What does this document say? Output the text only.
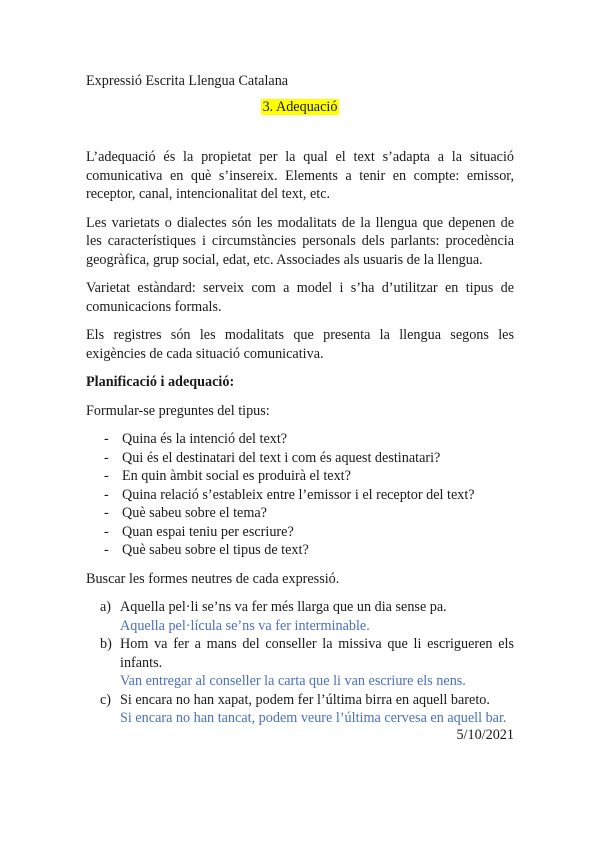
Expressió Escrita Llengua Catalana
3. Adequació

L’adequació és la propietat per la qual el text s’adapta a la situació comunicativa en què s’insereix. Elements a tenir en compte: emissor, receptor, canal, intencionalitat del text, etc.

Les varietats o dialectes són les modalitats de la llengua que depenen de les característiques i circumstàncies personals dels parlants: procedència geogràfica, grup social, edat, etc. Associades als usuaris de la llengua.

Varietat estàndard: serveix com a model i s’ha d’utilitzar en tipus de comunicacions formals.

Els registres són les modalitats que presenta la llengua segons les exigències de cada situació comunicativa.

Planificació i adequació:

Formular-se preguntes del tipus:

- Quina és la intenció del text?
- Qui és el destinatari del text i com és aquest destinatari?
- En quin àmbit social es produirà el text?
- Quina relació s’estableix entre l’emissor i el receptor del text?
- Què sabeu sobre el tema?
- Quan espai teniu per escriure?
- Què sabeu sobre el tipus de text?

Buscar les formes neutres de cada expressió.

a) Aquella pel·li se’ns va fer més llarga que un dia sense pa.
Aquella pel·lícula se’ns va fer interminable.
b) Hom va fer a mans del conseller la missiva que li escrigueren els infants.
Van entregar al conseller la carta que li van escriure els nens.
c) Si encara no han xapat, podem fer l’última birra en aquell bareto.
Si encara no han tancat, podem veure l’última cervesa en aquell bar.
5/10/2021
